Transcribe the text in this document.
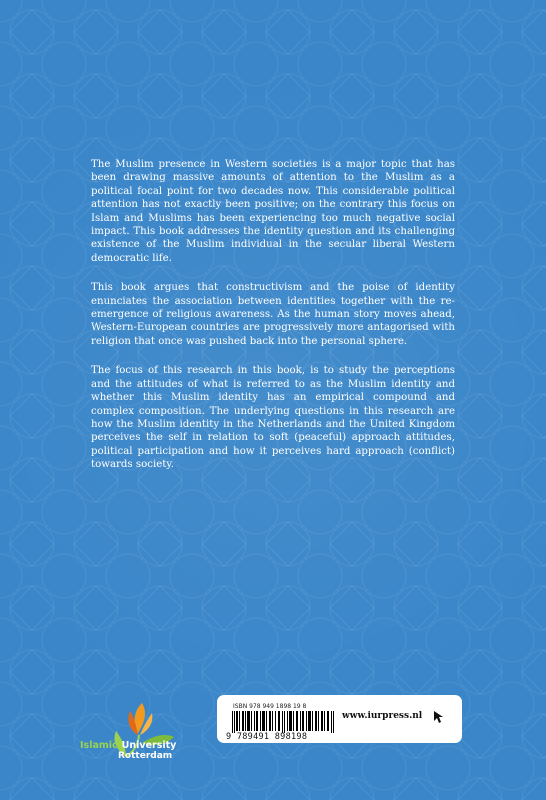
The Muslim presence in Western societies is a major topic that has been drawing massive amounts of attention to the Muslim as a political focal point for two decades now. This considerable political attention has not exactly been positive; on the contrary this focus on Islam and Muslims has been experiencing too much negative social impact. This book addresses the identity question and its challenging existence of the Muslim individual in the secular liberal Western democratic life.

This book argues that constructivism and the poise of identity enunciates the association between identities together with the re-emergence of religious awareness. As the human story moves ahead, Western-European countries are progressively more antagorised with religion that once was pushed back into the personal sphere.

The focus of this research in this book, is to study the perceptions and the attitudes of what is referred to as the Muslim identity and whether this Muslim identity has an empirical compound and complex composition. The underlying questions in this research are how the Muslim identity in the Netherlands and the United Kingdom perceives the self in relation to soft (peaceful) approach attitudes, political participation and how it perceives hard approach (conflict) towards society.

Islamic University
Rotterdam
ISBN 978 949 1898 19 8
9 789491 898198
www.iurpress.nl
